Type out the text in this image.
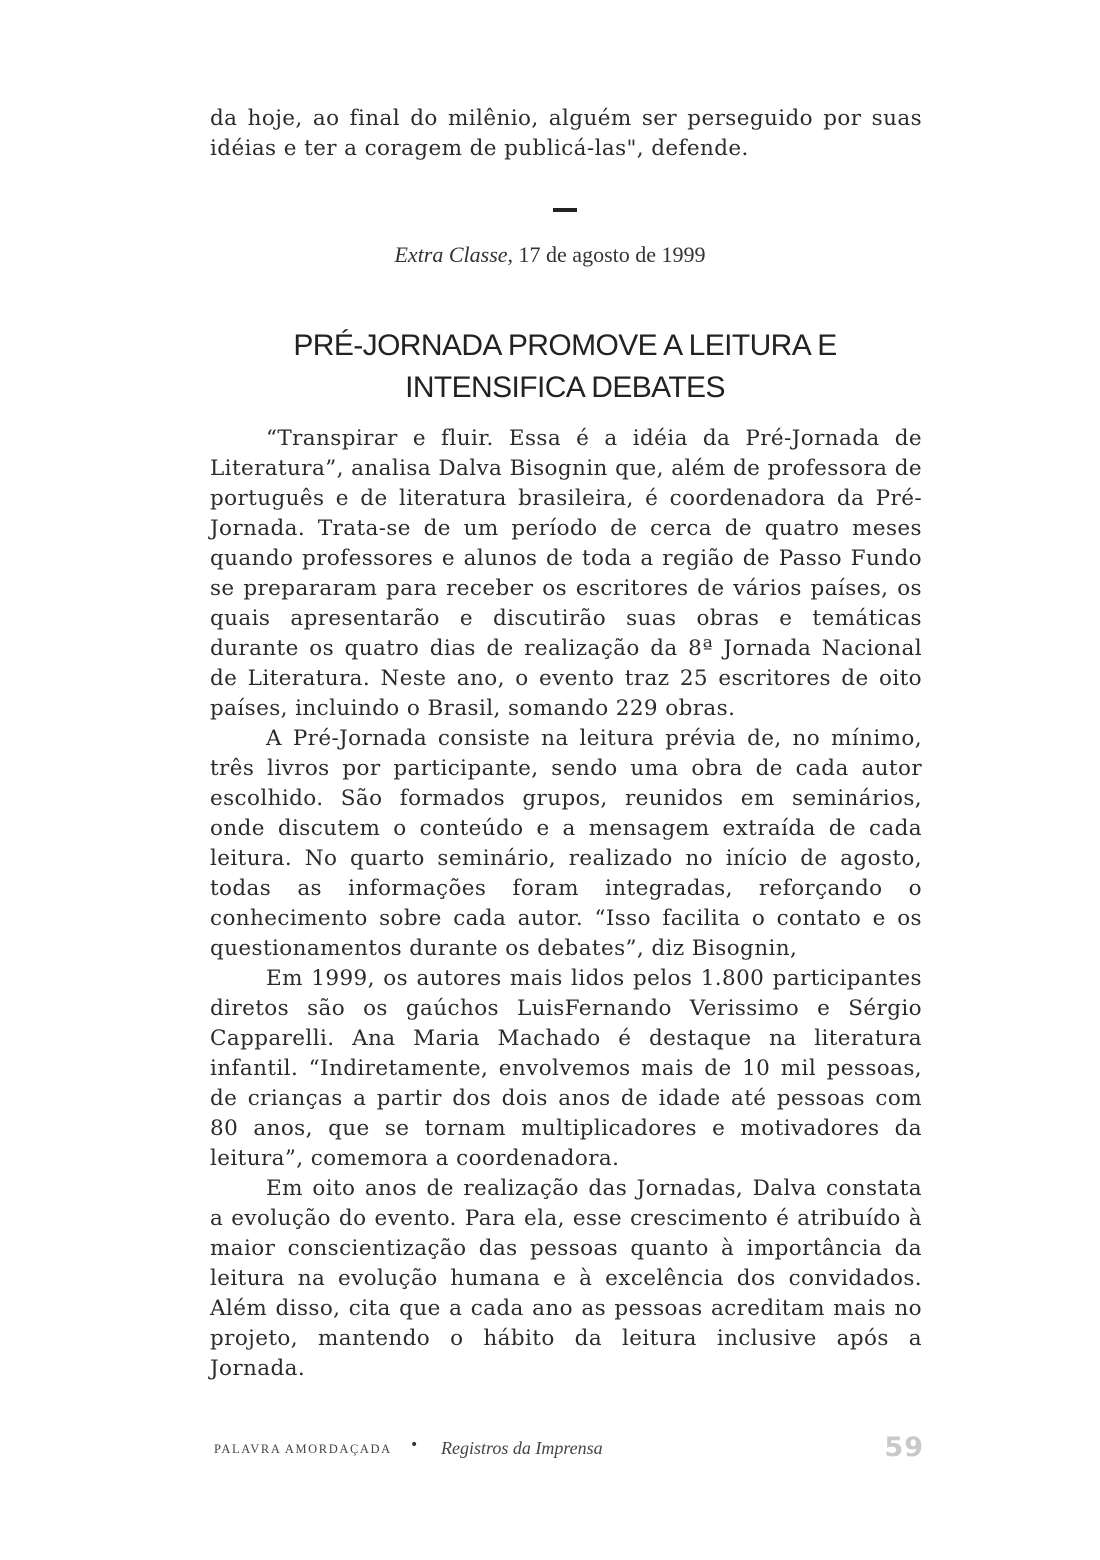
da hoje, ao final do milênio, alguém ser perseguido por suas idéias e ter a coragem de publicá-las", defende.

Extra Classe, 17 de agosto de 1999
PRÉ-JORNADA PROMOVE A LEITURA E
INTENSIFICA DEBATES

“Transpirar e fluir. Essa é a idéia da Pré-Jornada de Literatura”, analisa Dalva Bisognin que, além de professora de português e de literatura brasileira, é coordenadora da Pré-Jornada. Trata-se de um período de cerca de quatro meses quando professores e alunos de toda a região de Passo Fundo se prepararam para receber os escritores de vários países, os quais apresentarão e discutirão suas obras e temáticas durante os quatro dias de realização da 8ª Jornada Nacional de Literatura. Neste ano, o evento traz 25 escritores de oito países, incluindo o Brasil, somando 229 obras.

A Pré-Jornada consiste na leitura prévia de, no mínimo, três livros por participante, sendo uma obra de cada autor escolhido. São formados grupos, reunidos em seminários, onde discutem o conteúdo e a mensagem extraída de cada leitura. No quarto seminário, realizado no início de agosto, todas as informações foram integradas, reforçando o conhecimento sobre cada autor. “Isso facilita o contato e os questionamentos durante os debates”, diz Bisognin,

Em 1999, os autores mais lidos pelos 1.800 participantes diretos são os gaúchos LuisFernando Verissimo e Sérgio Capparelli. Ana Maria Machado é destaque na literatura infantil. “Indiretamente, envolvemos mais de 10 mil pessoas, de crianças a partir dos dois anos de idade até pessoas com 80 anos, que se tornam multiplicadores e motivadores da leitura”, comemora a coordenadora.

Em oito anos de realização das Jornadas, Dalva constata a evolução do evento. Para ela, esse crescimento é atribuído à maior conscientização das pessoas quanto à importância da leitura na evolução humana e à excelência dos convidados. Além disso, cita que a cada ano as pessoas acreditam mais no projeto, mantendo o hábito da leitura inclusive após a Jornada.

PALAVRA AMORDAÇADA • Registros da Imprensa	59
